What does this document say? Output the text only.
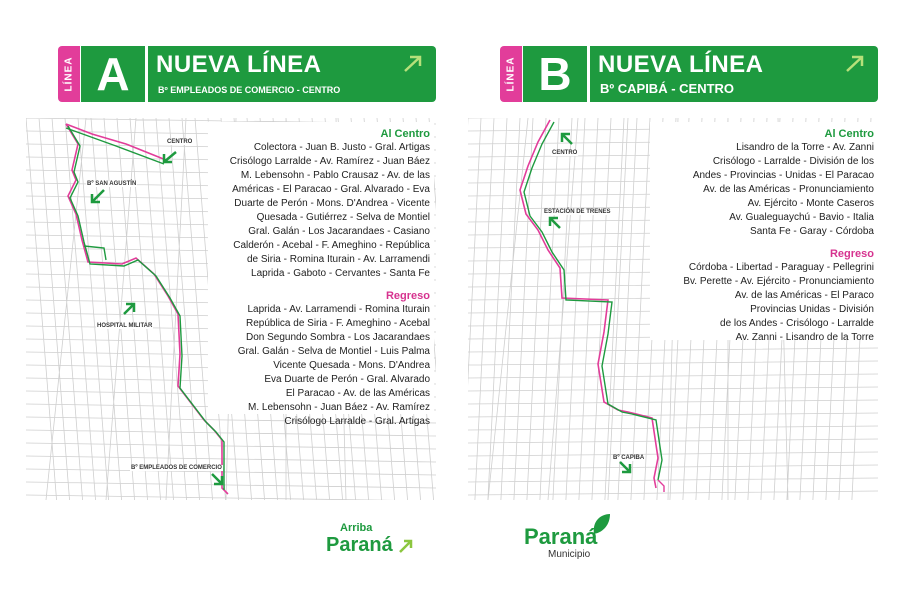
LÍNEA A	NUEVA LÍNEA
Bº EMPLEADOS DE COMERCIO - CENTRO	LÍNEA B	NUEVA LÍNEA
Bº CAPIBÁ - CENTRO
CENTRO
Bº SAN AGUSTÍN
HOSPITAL MILITAR
Bº EMPLEADOS DE COMERCIO
CENTRO
ESTACIÓN DE TRENES
Bº CAPIBA
Al Centro
Colectora - Juan B. Justo - Gral. Artigas
Crisólogo Larralde - Av. Ramírez - Juan Báez
M. Lebensohn - Pablo Crausaz - Av. de las
Américas - El Paracao - Gral. Alvarado - Eva
Duarte de Perón - Mons. D'Andrea - Vicente
Quesada - Gutiérrez - Selva de Montiel
Gral. Galán - Los Jacarandaes - Casiano
Calderón - Acebal - F. Ameghino - República
de Siria - Romina Iturain - Av. Larramendi
Laprida - Gaboto - Cervantes - Santa Fe
Regreso
Laprida - Av. Larramendi - Romina Iturain
República de Siria - F. Ameghino - Acebal
Don Segundo Sombra - Los Jacarandaes
Gral. Galán - Selva de Montiel - Luis Palma
Vicente Quesada - Mons. D'Andrea
Eva Duarte de Perón - Gral. Alvarado
El Paracao - Av. de las Américas
M. Lebensohn - Juan Báez - Av. Ramírez
Crisólogo Larralde - Gral. Artigas
Al Centro
Lisandro de la Torre - Av. Zanni
Crisólogo - Larralde - División de los
Andes - Provincias - Unidas - El Paracao
Av. de las Américas - Pronunciamiento
Av. Ejército - Monte Caseros
Av. Gualeguaychú - Bavio - Italia
Santa Fe - Garay - Córdoba
Regreso
Córdoba - Libertad - Paraguay - Pellegrini
Bv. Perette - Av. Ejército - Pronunciamiento
Av. de las Américas - El Paraco
Provincias Unidas - División
de los Andes - Crisólogo - Larralde
Av. Zanni - Lisandro de la Torre
Arriba
Paraná	Paraná
Municipio
